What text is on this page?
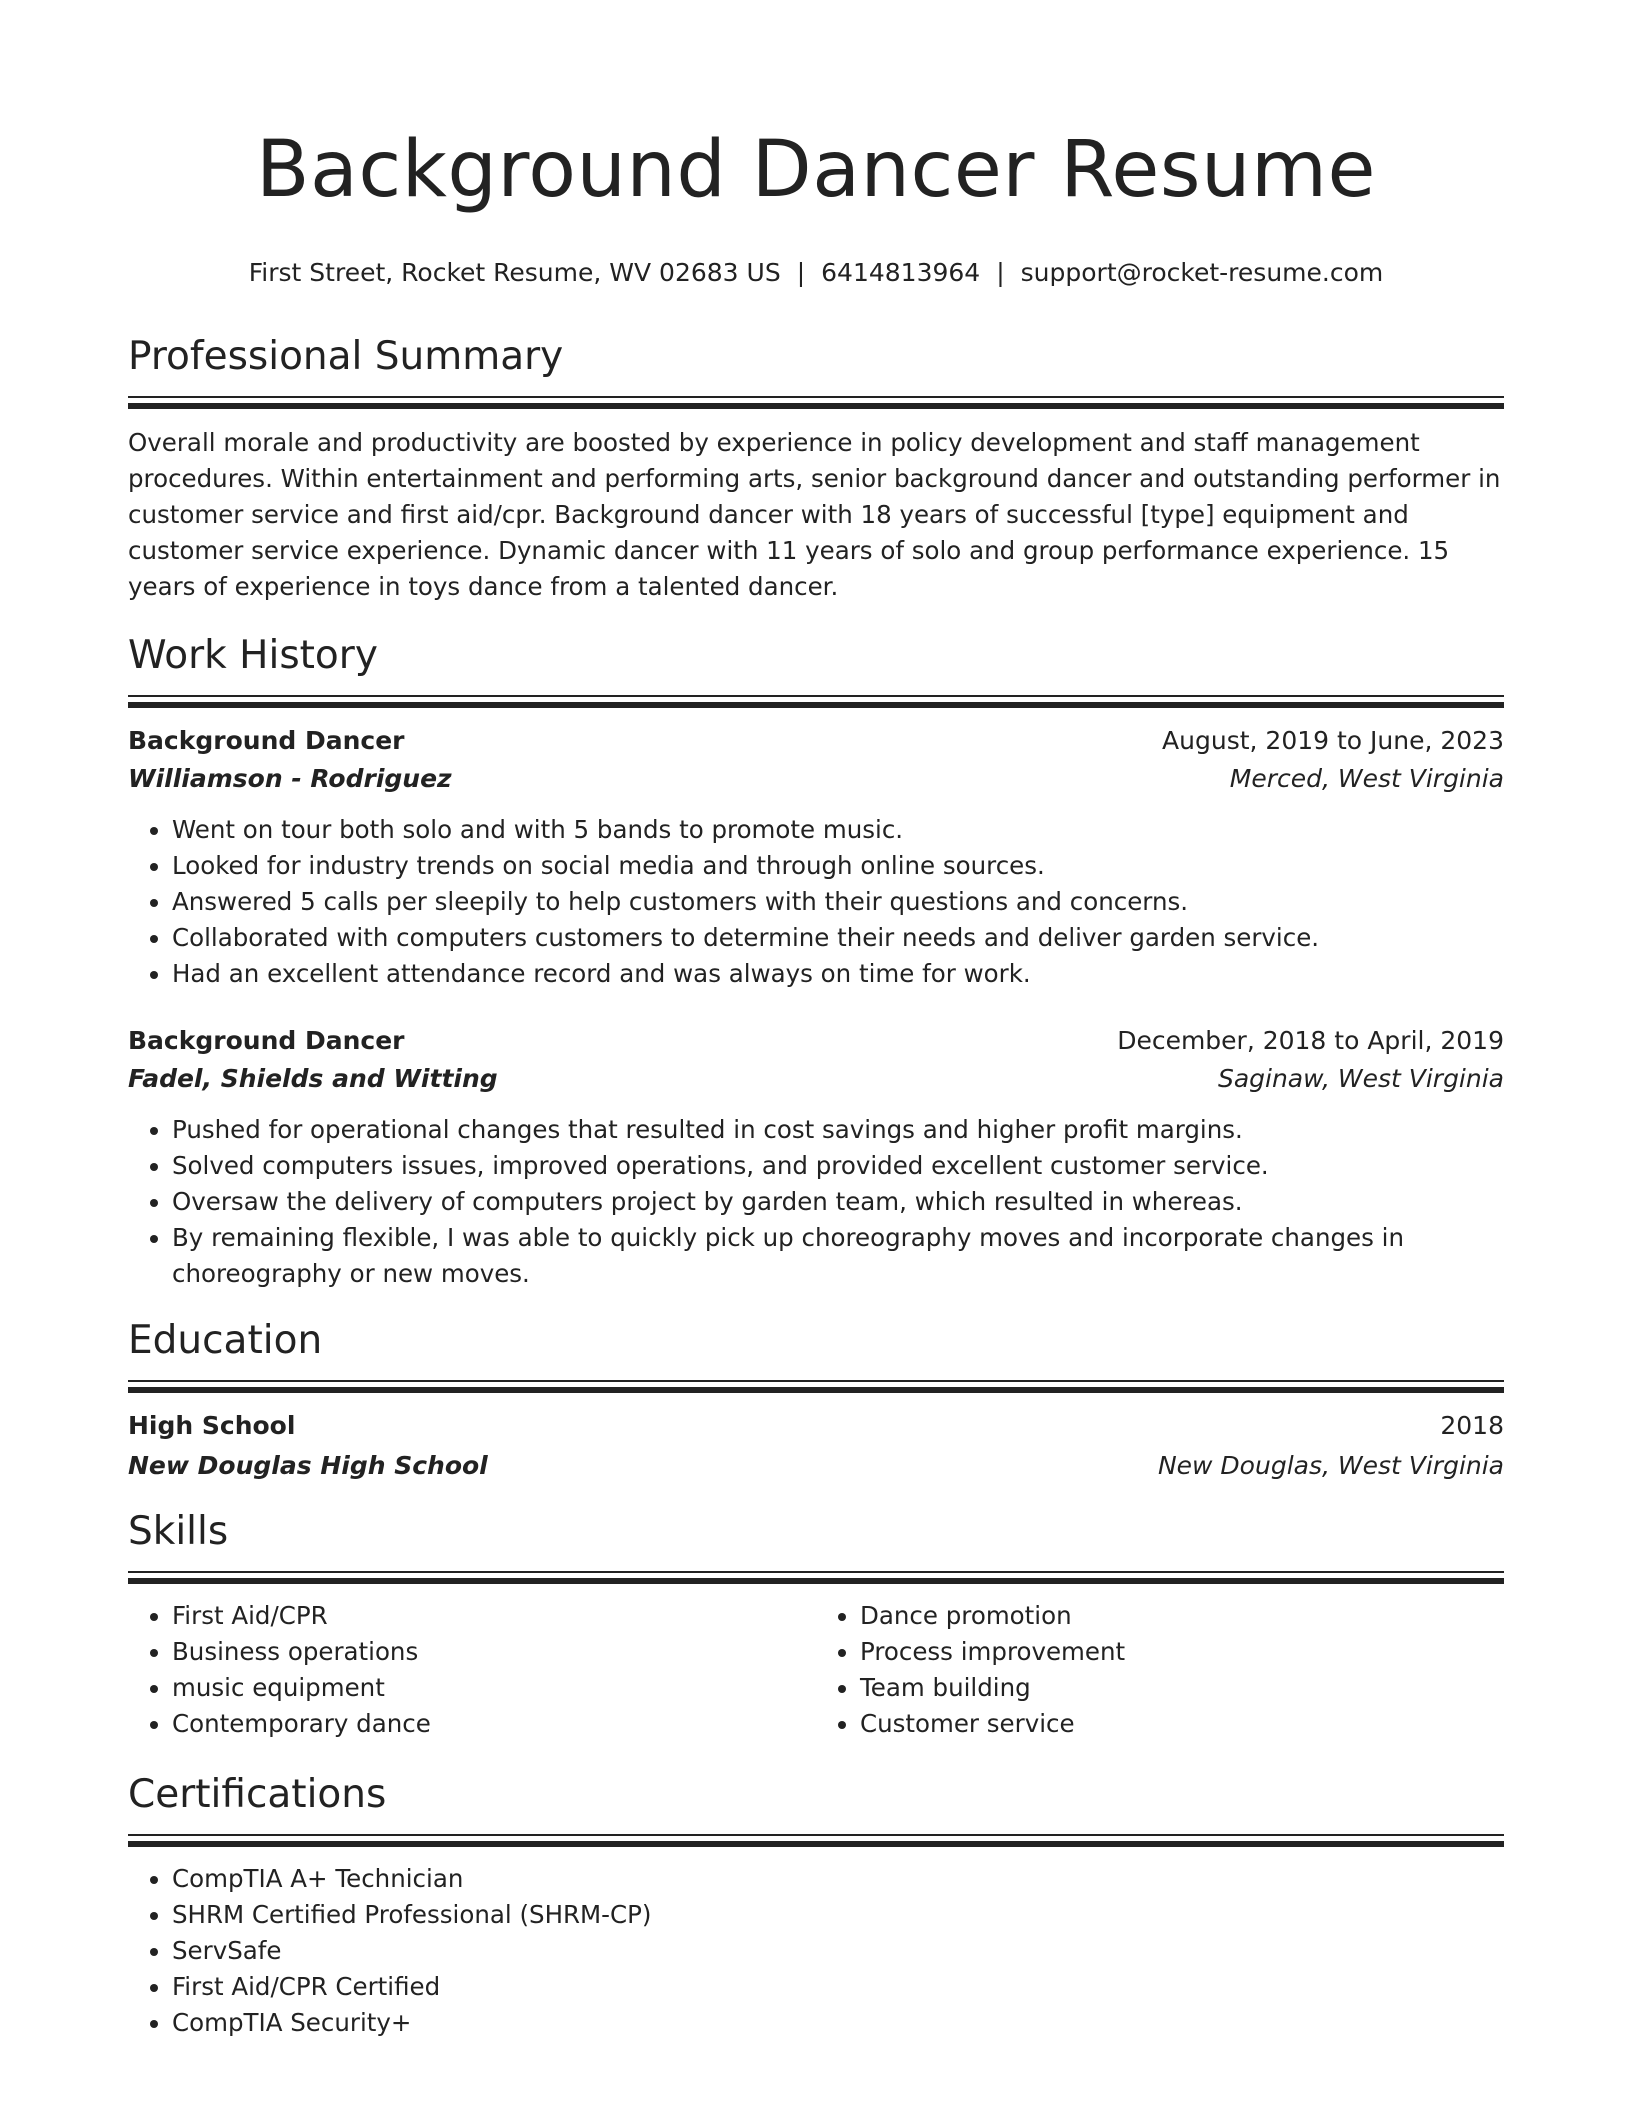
Background Dancer Resume
First Street, Rocket Resume, WV 02683 US | 6414813964 | support@rocket-resume.com
Professional Summary

Overall morale and productivity are boosted by experience in policy development and staff management procedures. Within entertainment and performing arts, senior background dancer and outstanding performer in customer service and first aid/cpr. Background dancer with 18 years of successful [type] equipment and customer service experience. Dynamic dancer with 11 years of solo and group performance experience. 15 years of experience in toys dance from a talented dancer.

Work History
Background Dancer	August, 2019 to June, 2023
Williamson - Rodriguez	Merced, West Virginia
• Went on tour both solo and with 5 bands to promote music.
• Looked for industry trends on social media and through online sources.
• Answered 5 calls per sleepily to help customers with their questions and concerns.
• Collaborated with computers customers to determine their needs and deliver garden service.
• Had an excellent attendance record and was always on time for work.
Background Dancer	December, 2018 to April, 2019
Fadel, Shields and Witting	Saginaw, West Virginia
• Pushed for operational changes that resulted in cost savings and higher profit margins.
• Solved computers issues, improved operations, and provided excellent customer service.
• Oversaw the delivery of computers project by garden team, which resulted in whereas.
• By remaining flexible, I was able to quickly pick up choreography moves and incorporate changes in choreography or new moves.
Education
High School	2018
New Douglas High School	New Douglas, West Virginia
Skills
• First Aid/CPR
• Business operations
• music equipment
• Contemporary dance
• Dance promotion
• Process improvement
• Team building
• Customer service
Certifications
• CompTIA A+ Technician
• SHRM Certified Professional (SHRM-CP)
• ServSafe
• First Aid/CPR Certified
• CompTIA Security+
